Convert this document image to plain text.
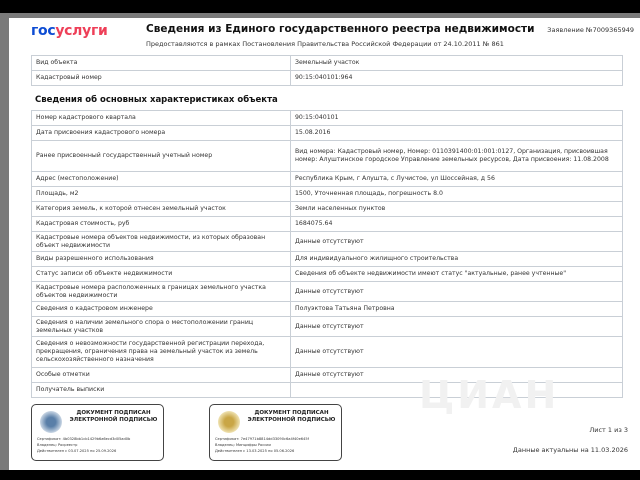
госуслуги	Сведения из Единого государственного реестра недвижимости
Предоставляются в рамках Постановления Правительства Российской Федерации от 24.10.2011 № 861
Заявление №7009365949
Вид объекта	Земельный участок
Кадастровый номер	90:15:040101:964
Сведения об основных характеристиках объекта
Номер кадастрового квартала	90:15:040101
Дата присвоения кадастрового номера	15.08.2016
Ранее присвоенный государственный учетный номер	Вид номера: Кадастровый номер, Номер: 0110391400:01:001:0127, Организация, присвоившая номер: Алуштинское городское Управление земельных ресурсов, Дата присвоения: 11.08.2008
Адрес (местоположение)	Республика Крым, г Алушта, с Лучистое, ул Шоссейная, д 56
Площадь, м2	1500, Уточненная площадь, погрешность 8.0
Категория земель, к которой отнесен земельный участок	Земли населенных пунктов
Кадастровая стоимость, руб	1684075.64
Кадастровые номера объектов недвижимости, из которых образован объект недвижимости	Данные отсутствуют
Виды разрешенного использования	Для индивидуального жилищного строительства
Статус записи об объекте недвижимости	Сведения об объекте недвижимости имеют статус "актуальные, ранее учтенные"
Кадастровые номера расположенных в границах земельного участка объектов недвижимости	Данные отсутствуют
Сведения о кадастровом инженере	Полуэктова Татьяна Петровна
Сведения о наличии земельного спора о местоположении границ земельных участков	Данные отсутствуют
Сведения о невозможности государственной регистрации перехода, прекращения, ограничения права на земельный участок из земель сельскохозяйственного назначения	Данные отсутствуют
Особые отметки	Данные отсутствуют
Получатель выписки		ЦИАН
ДОКУМЕНТ ПОДПИСАН ЭЛЕКТРОННОЙ ПОДПИСЬЮ
Сертификат: 4b0328bb1cb1429b6a6ecd3d05ad0b
Владелец: Росреестр
Действителен с 03.07.2025 по 25.09.2026
ДОКУМЕНТ ПОДПИСАН ЭЛЕКТРОННОЙ ПОДПИСЬЮ
Сертификат: 7e47971b8814dd33090c6a4f40e645f
Владелец: Минцифры России
Действителен с 13.03.2025 по 05.06.2026
Лист 1 из 3
Данные актуальны на 11.03.2026
